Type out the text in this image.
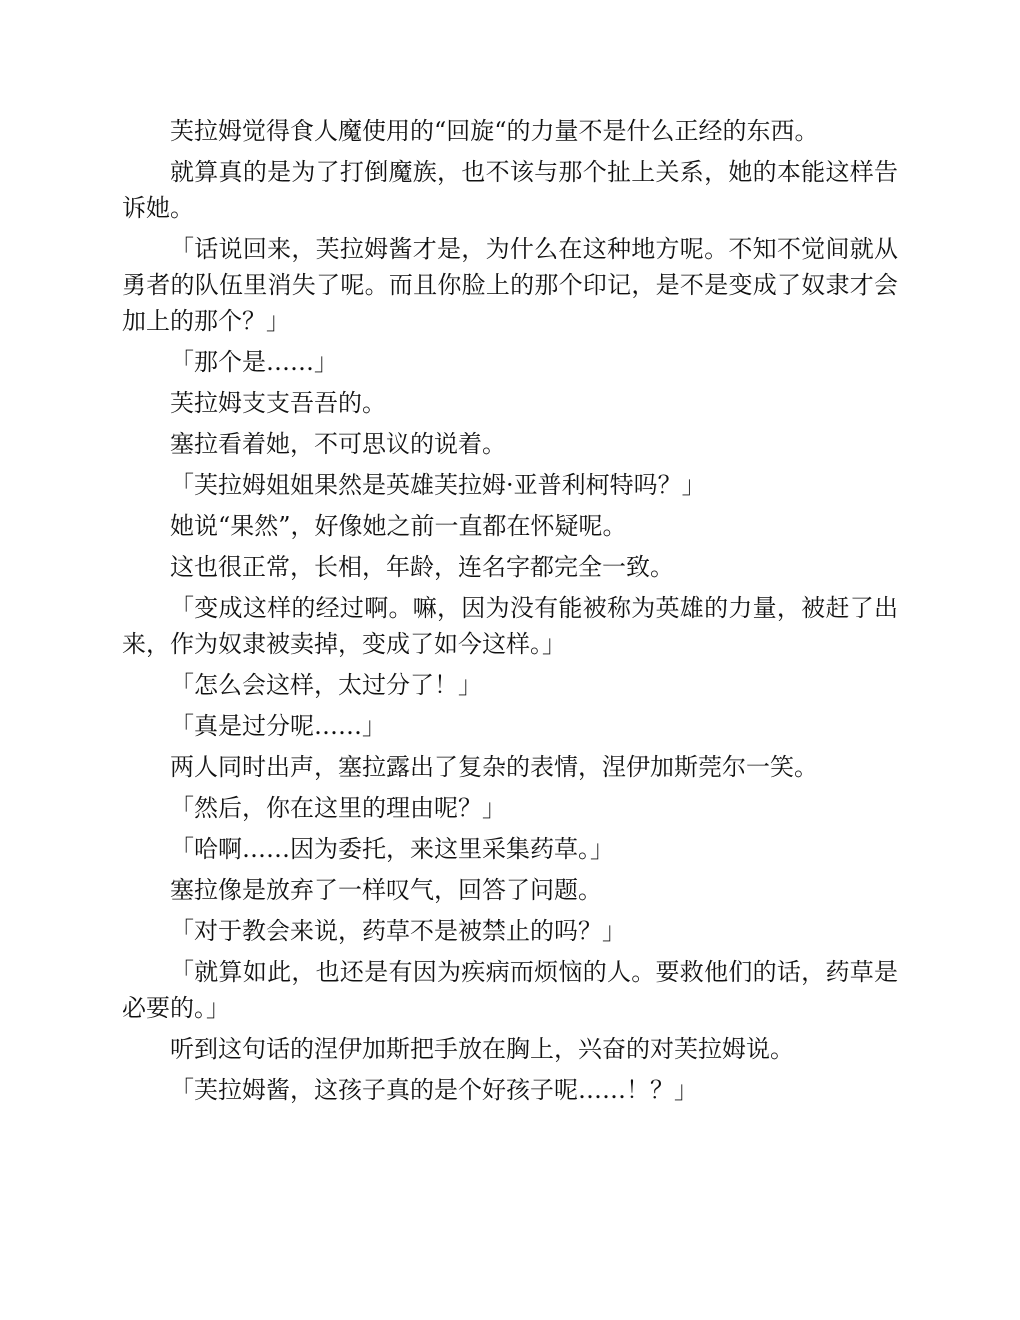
芙拉姆觉得食人魔使用的“回旋“的力量不是什么正经的东西。

就算真的是为了打倒魔族，也不该与那个扯上关系，她的本能这样告诉她。

「话说回来，芙拉姆酱才是，为什么在这种地方呢。不知不觉间就从勇者的队伍里消失了呢。而且你脸上的那个印记，是不是变成了奴隶才会加上的那个？」

「那个是……」

芙拉姆支支吾吾的。

塞拉看着她，不可思议的说着。

「芙拉姆姐姐果然是英雄芙拉姆·亚普利柯特吗？」

她说“果然”，好像她之前一直都在怀疑呢。

这也很正常，长相，年龄，连名字都完全一致。

「变成这样的经过啊。嘛，因为没有能被称为英雄的力量，被赶了出来，作为奴隶被卖掉，变成了如今这样。」

「怎么会这样，太过分了！」

「真是过分呢……」

两人同时出声，塞拉露出了复杂的表情，涅伊加斯莞尔一笑。

「然后，你在这里的理由呢？」

「哈啊……因为委托，来这里采集药草。」

塞拉像是放弃了一样叹气，回答了问题。

「对于教会来说，药草不是被禁止的吗？」

「就算如此，也还是有因为疾病而烦恼的人。要救他们的话，药草是必要的。」

听到这句话的涅伊加斯把手放在胸上，兴奋的对芙拉姆说。

「芙拉姆酱，这孩子真的是个好孩子呢……！？」
